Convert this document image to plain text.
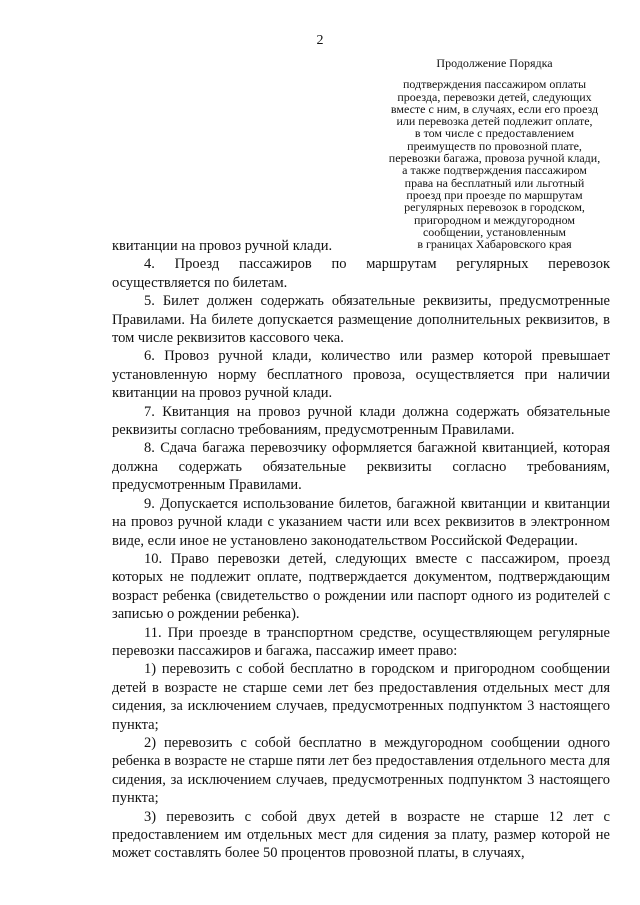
2
Продолжение Порядка
подтверждения пассажиром оплаты
проезда, перевозки детей, следующих
вместе с ним, в случаях, если его проезд
или перевозка детей подлежит оплате,
в том числе с предоставлением
преимуществ по провозной плате,
перевозки багажа, провоза ручной клади,
а также подтверждения пассажиром
права на бесплатный или льготный
проезд при проезде по маршрутам
регулярных перевозок в городском,
пригородном и междугородном
сообщении, установленным
в границах Хабаровского края

квитанции на провоз ручной клади.

4. Проезд пассажиров по маршрутам регулярных перевозок осуществляется по билетам.

5. Билет должен содержать обязательные реквизиты, предусмотренные Правилами. На билете допускается размещение дополнительных реквизитов, в том числе реквизитов кассового чека.

6. Провоз ручной клади, количество или размер которой превышает установленную норму бесплатного провоза, осуществляется при наличии квитанции на провоз ручной клади.

7. Квитанция на провоз ручной клади должна содержать обязательные реквизиты согласно требованиям, предусмотренным Правилами.

8. Сдача багажа перевозчику оформляется багажной квитанцией, которая должна содержать обязательные реквизиты согласно требованиям, предусмотренным Правилами.

9. Допускается использование билетов, багажной квитанции и квитанции на провоз ручной клади с указанием части или всех реквизитов в электронном виде, если иное не установлено законодательством Российской Федерации.

10. Право перевозки детей, следующих вместе с пассажиром, проезд которых не подлежит оплате, подтверждается документом, подтверждающим возраст ребенка (свидетельство о рождении или паспорт одного из родителей с записью о рождении ребенка).

11. При проезде в транспортном средстве, осуществляющем регулярные перевозки пассажиров и багажа, пассажир имеет право:

1) перевозить с собой бесплатно в городском и пригородном сообщении детей в возрасте не старше семи лет без предоставления отдельных мест для сидения, за исключением случаев, предусмотренных подпунктом 3 настоящего пункта;

2) перевозить с собой бесплатно в междугородном сообщении одного ребенка в возрасте не старше пяти лет без предоставления отдельного места для сидения, за исключением случаев, предусмотренных подпунктом 3 настоящего пункта;

3) перевозить с собой двух детей в возрасте не старше 12 лет с предоставлением им отдельных мест для сидения за плату, размер которой не может составлять более 50 процентов провозной платы, в случаях,
